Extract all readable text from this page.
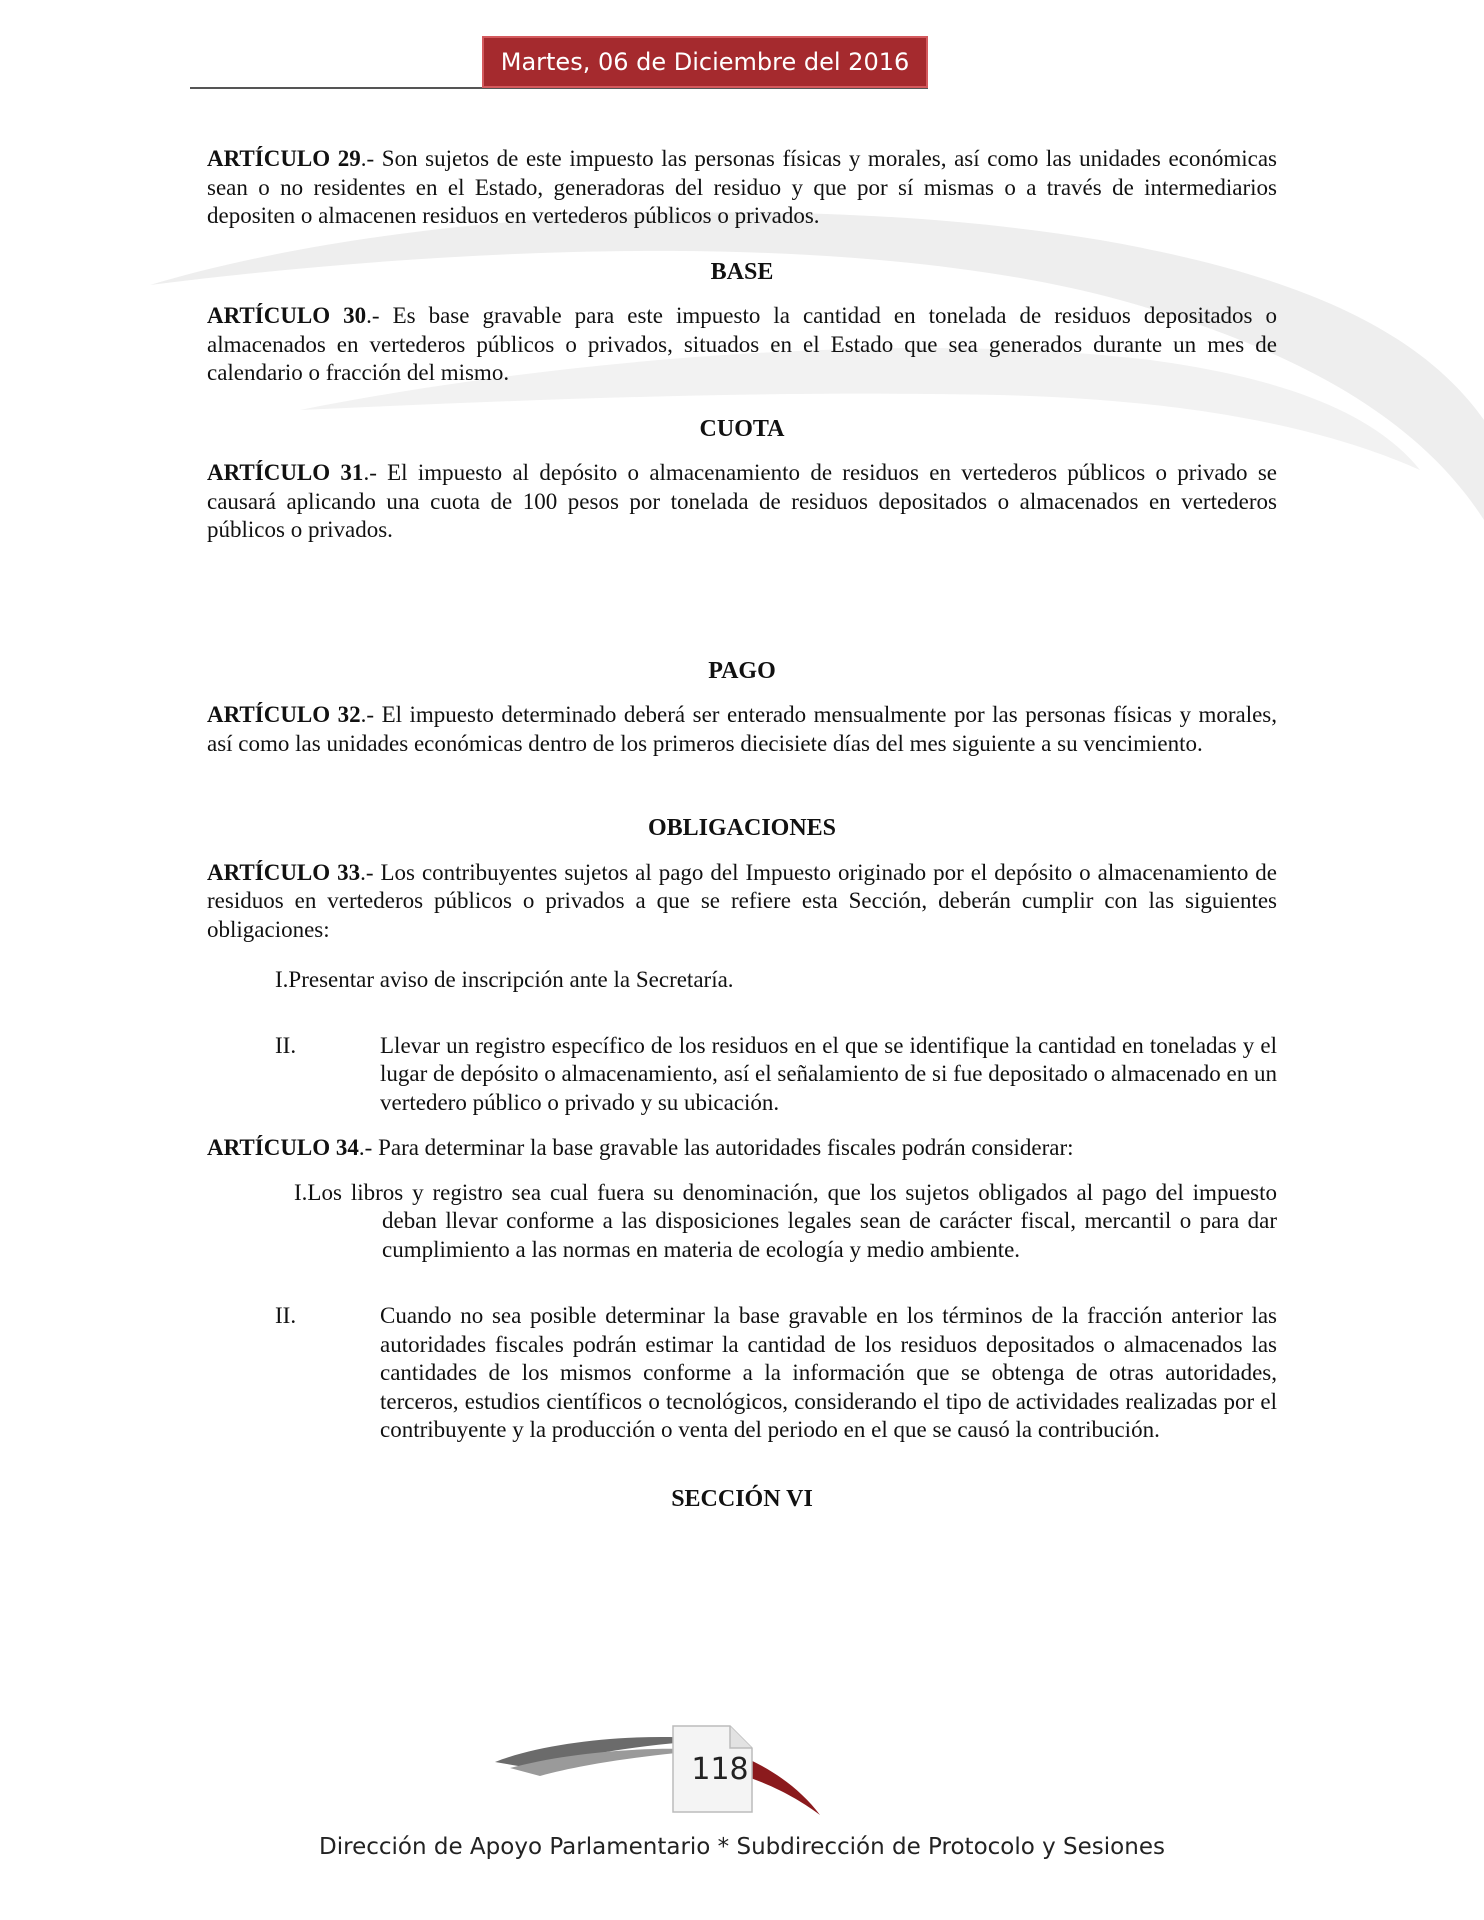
Martes, 06 de Diciembre del 2016

ARTÍCULO 29.- Son sujetos de este impuesto las personas físicas y morales, así como las unidades económicas sean o no residentes en el Estado, generadoras del residuo y que por sí mismas o a través de intermediarios depositen o almacenen residuos en vertederos públicos o privados.

BASE

ARTÍCULO 30.- Es base gravable para este impuesto la cantidad en tonelada de residuos depositados o almacenados en vertederos públicos o privados, situados en el Estado que sea generados durante un mes de calendario o fracción del mismo.

CUOTA

ARTÍCULO 31.- El impuesto al depósito o almacenamiento de residuos en vertederos públicos o privado se causará aplicando una cuota de 100 pesos por tonelada de residuos depositados o almacenados en vertederos públicos o privados.

PAGO

ARTÍCULO 32.- El impuesto determinado deberá ser enterado mensualmente por las personas físicas y morales, así como las unidades económicas dentro de los primeros diecisiete días del mes siguiente a su vencimiento.

OBLIGACIONES

ARTÍCULO 33.- Los contribuyentes sujetos al pago del Impuesto originado por el depósito o almacenamiento de residuos en vertederos públicos o privados a que se refiere esta Sección, deberán cumplir con las siguientes obligaciones:

I.Presentar aviso de inscripción ante la Secretaría.

II.	Llevar un registro específico de los residuos en el que se identifique la cantidad en toneladas y el lugar de depósito o almacenamiento, así el señalamiento de si fue depositado o almacenado en un vertedero público o privado y su ubicación.

ARTÍCULO 34.- Para determinar la base gravable las autoridades fiscales podrán considerar:

I.Los libros y registro sea cual fuera su denominación, que los sujetos obligados al pago del impuesto deban llevar conforme a las disposiciones legales sean de carácter fiscal, mercantil o para dar cumplimiento a las normas en materia de ecología y medio ambiente.

II.	Cuando no sea posible determinar la base gravable en los términos de la fracción anterior las autoridades fiscales podrán estimar la cantidad de los residuos depositados o almacenados las cantidades de los mismos conforme a la información que se obtenga de otras autoridades, terceros, estudios científicos o tecnológicos, considerando el tipo de actividades realizadas por el contribuyente y la producción o venta del periodo en el que se causó la contribución.

SECCIÓN VI

118
Dirección de Apoyo Parlamentario * Subdirección de Protocolo y Sesiones
